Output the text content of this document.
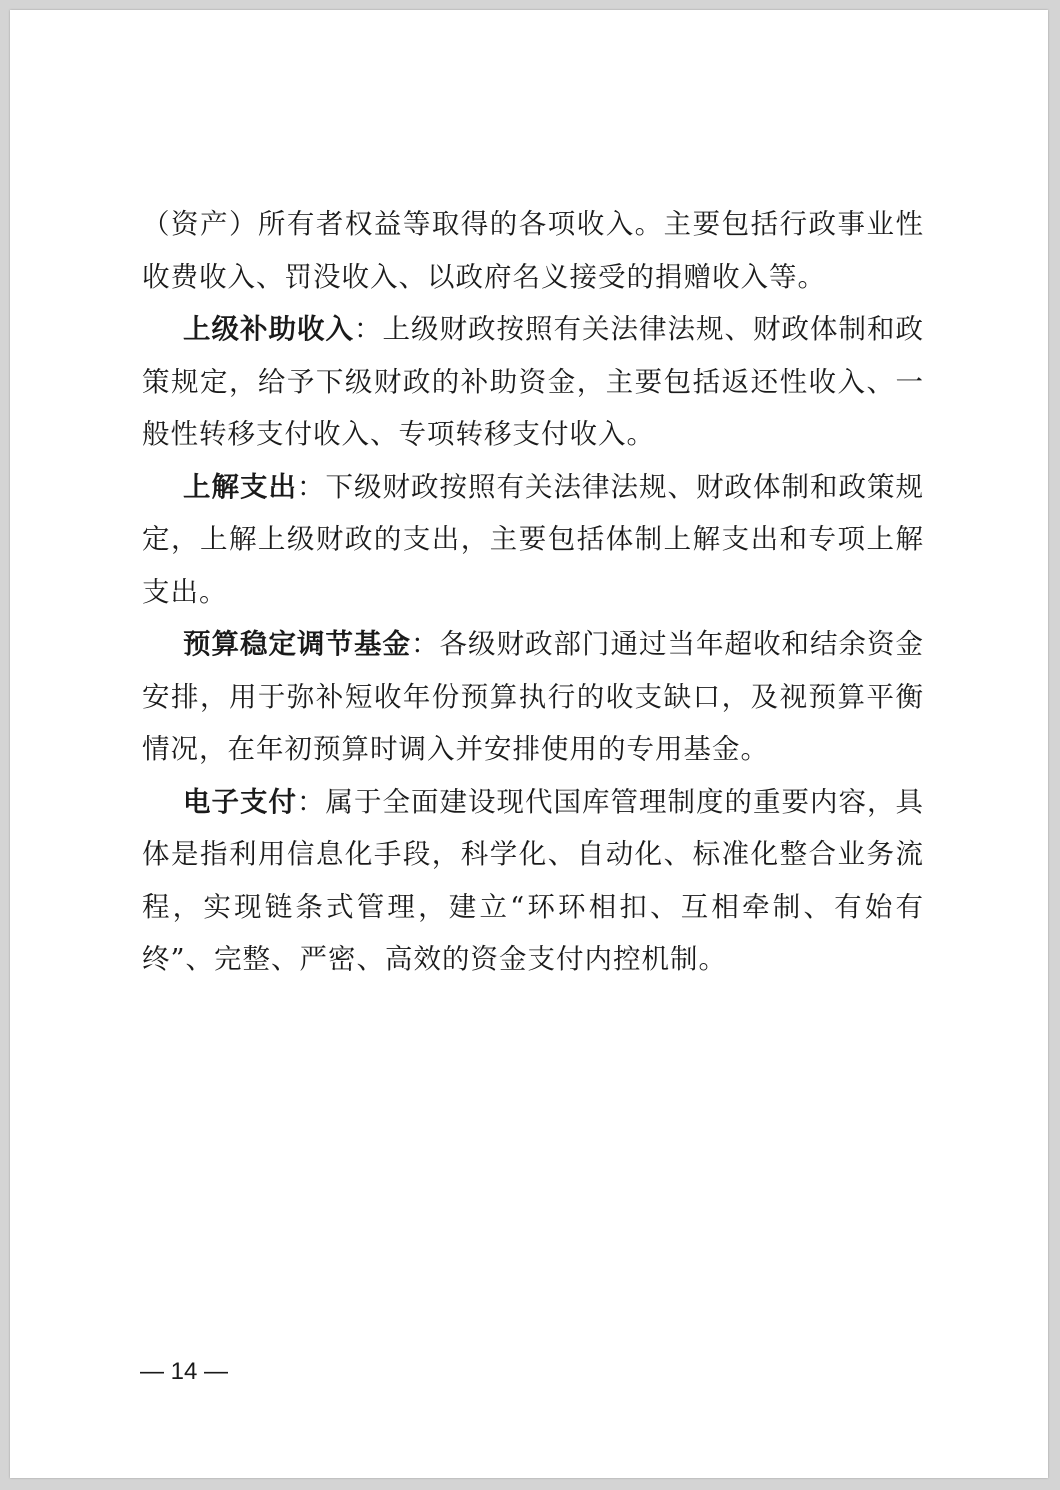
（资产）所有者权益等取得的各项收入。主要包括行政事业性收费收入、罚没收入、以政府名义接受的捐赠收入等。

上级补助收入：上级财政按照有关法律法规、财政体制和政策规定，给予下级财政的补助资金，主要包括返还性收入、一般性转移支付收入、专项转移支付收入。

上解支出：下级财政按照有关法律法规、财政体制和政策规定，上解上级财政的支出，主要包括体制上解支出和专项上解支出。

预算稳定调节基金：各级财政部门通过当年超收和结余资金安排，用于弥补短收年份预算执行的收支缺口，及视预算平衡情况，在年初预算时调入并安排使用的专用基金。

电子支付：属于全面建设现代国库管理制度的重要内容，具体是指利用信息化手段，科学化、自动化、标准化整合业务流程，实现链条式管理，建立“环环相扣、互相牵制、有始有终”、完整、严密、高效的资金支付内控机制。

— 14 —
